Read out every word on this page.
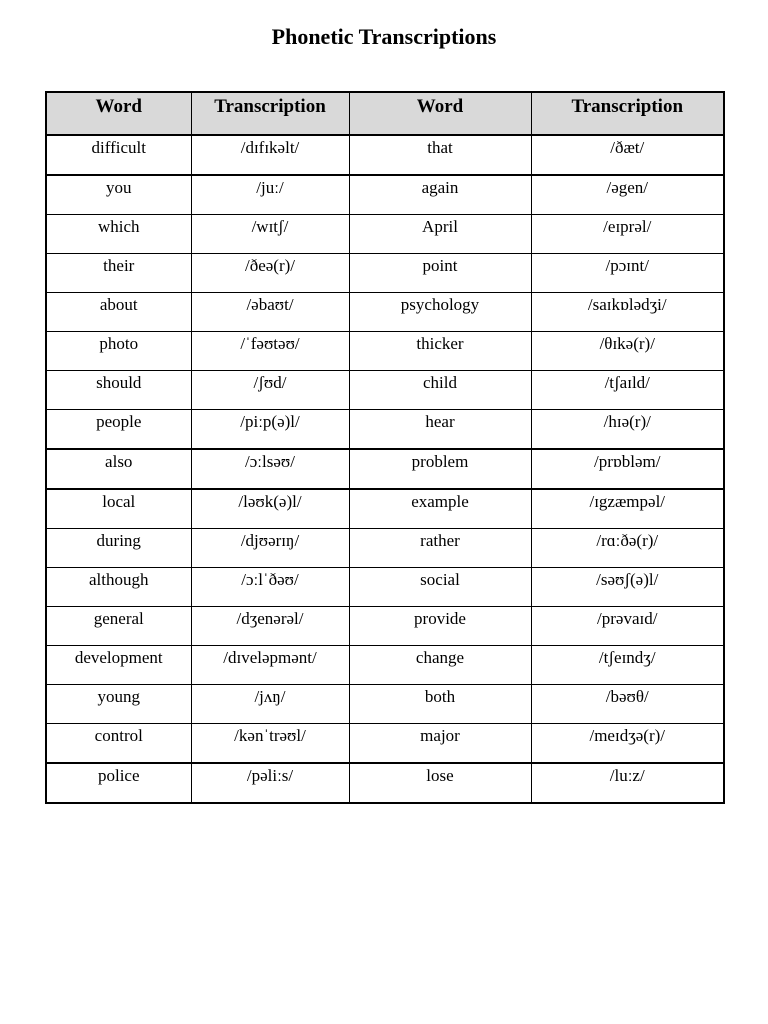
Phonetic Transcriptions
Word	Transcription	Word	Transcription
difficult	/dɪfɪkəlt/	that	/ðæt/
you	/juː/	again	/əgen/
which	/wɪtʃ/	April	/eɪprəl/
their	/ðeə(r)/	point	/pɔɪnt/
about	/əbaʊt/	psychology	/saɪkɒlədʒi/
photo	/ˈfəʊtəʊ/	thicker	/θɪkə(r)/
should	/ʃʊd/	child	/tʃaɪld/
people	/piːp(ə)l/	hear	/hɪə(r)/
also	/ɔːlsəʊ/	problem	/prɒbləm/
local	/ləʊk(ə)l/	example	/ɪgzæmpəl/
during	/djʊərɪŋ/	rather	/rɑːðə(r)/
although	/ɔːlˈðəʊ/	social	/səʊʃ(ə)l/
general	/dʒenərəl/	provide	/prəvaɪd/
development	/dɪveləpmənt/	change	/tʃeɪndʒ/
young	/jʌŋ/	both	/bəʊθ/
control	/kənˈtrəʊl/	major	/meɪdʒə(r)/
police	/pəliːs/	lose	/luːz/
